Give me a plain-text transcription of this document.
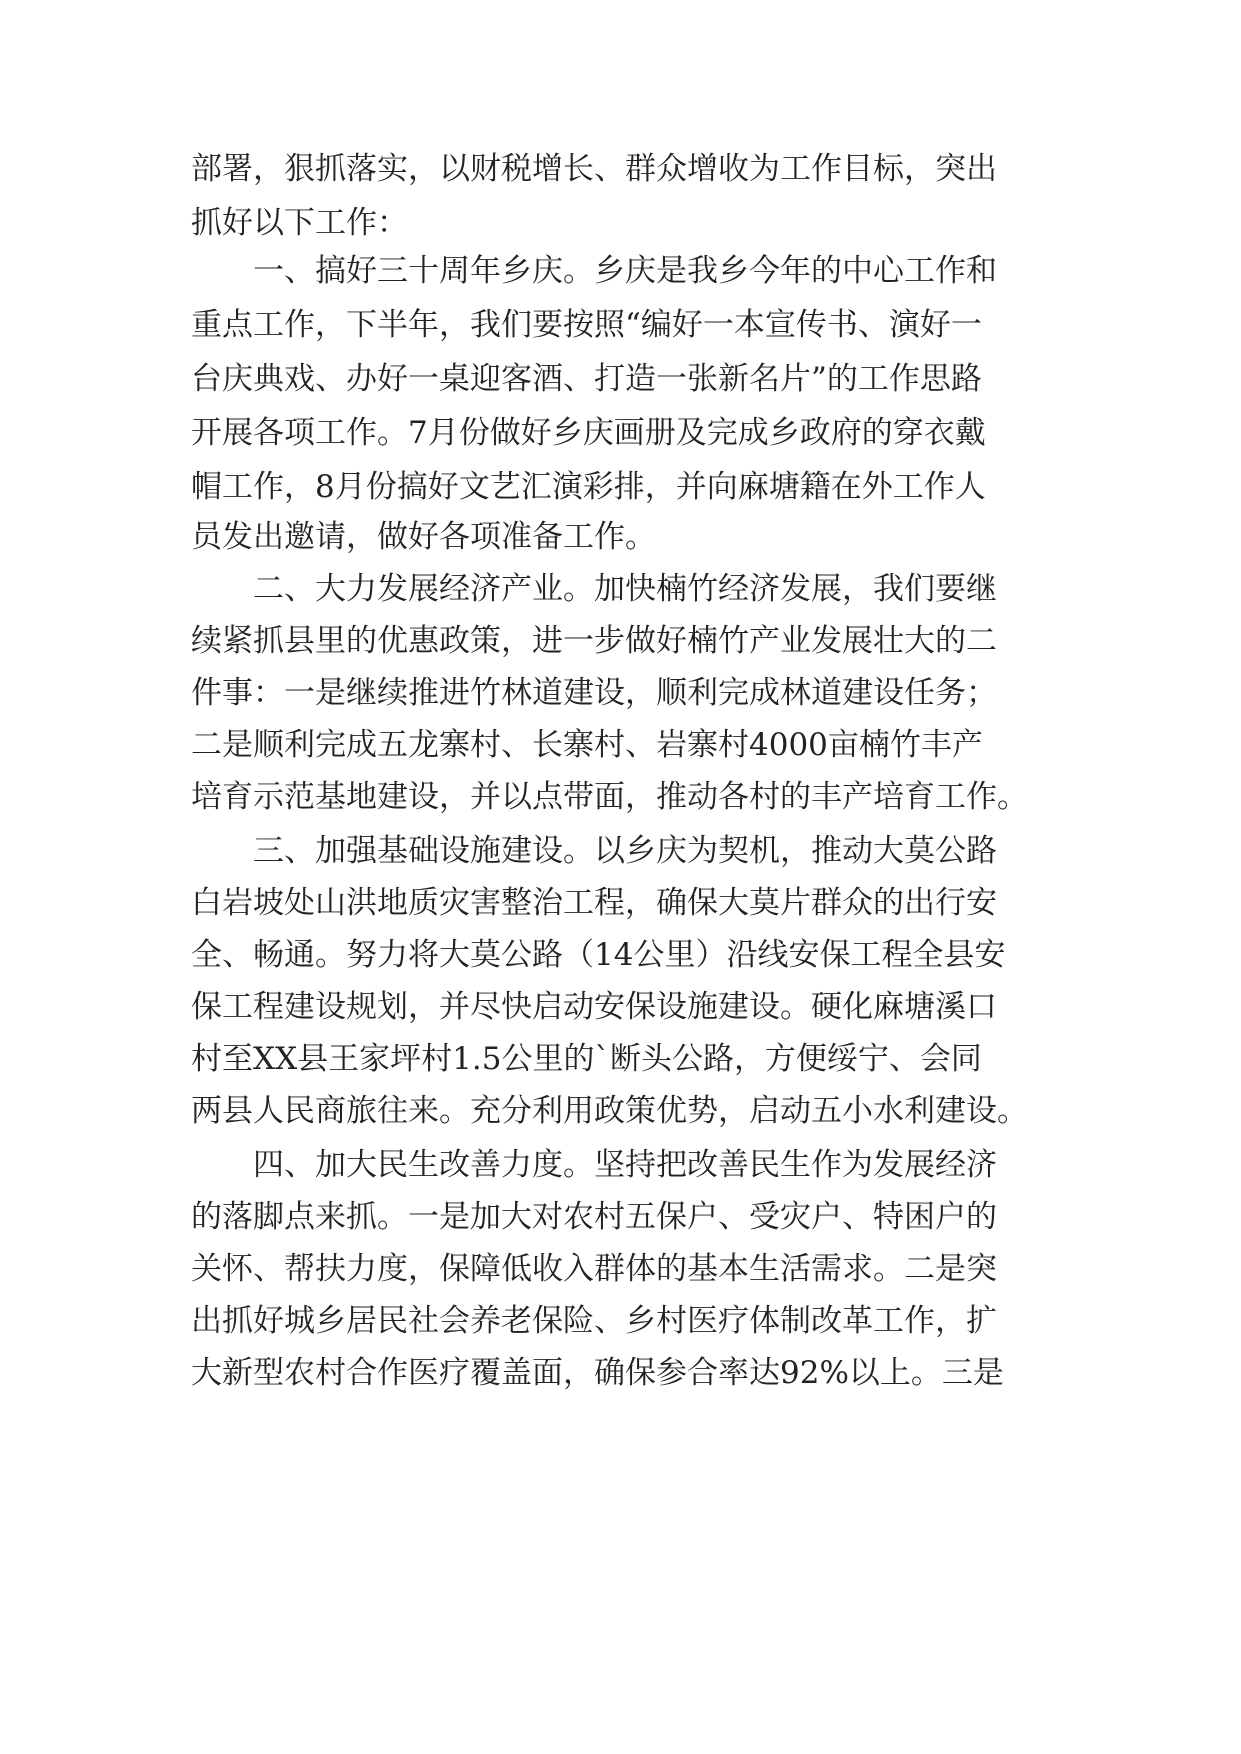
部署，狠抓落实，以财税增长、群众增收为工作目标，突出
抓好以下工作：
一、搞好三十周年乡庆。乡庆是我乡今年的中心工作和
重点工作，下半年，我们要按照“编好一本宣传书、演好一
台庆典戏、办好一桌迎客酒、打造一张新名片”的工作思路
开展各项工作。7月份做好乡庆画册及完成乡政府的穿衣戴
帽工作，8月份搞好文艺汇演彩排，并向麻塘籍在外工作人
员发出邀请，做好各项准备工作。
二、大力发展经济产业。加快楠竹经济发展，我们要继
续紧抓县里的优惠政策，进一步做好楠竹产业发展壮大的二
件事：一是继续推进竹林道建设，顺利完成林道建设任务；
二是顺利完成五龙寨村、长寨村、岩寨村4000亩楠竹丰产
培育示范基地建设，并以点带面，推动各村的丰产培育工作。
三、加强基础设施建设。以乡庆为契机，推动大莫公路
白岩坡处山洪地质灾害整治工程，确保大莫片群众的出行安
全、畅通。努力将大莫公路（14公里）沿线安保工程全县安
保工程建设规划，并尽快启动安保设施建设。硬化麻塘溪口
村至XX县王家坪村1.5公里的`断头公路，方便绥宁、会同
两县人民商旅往来。充分利用政策优势，启动五小水利建设。
四、加大民生改善力度。坚持把改善民生作为发展经济
的落脚点来抓。一是加大对农村五保户、受灾户、特困户的
关怀、帮扶力度，保障低收入群体的基本生活需求。二是突
出抓好城乡居民社会养老保险、乡村医疗体制改革工作，扩
大新型农村合作医疗覆盖面，确保参合率达92%以上。三是
